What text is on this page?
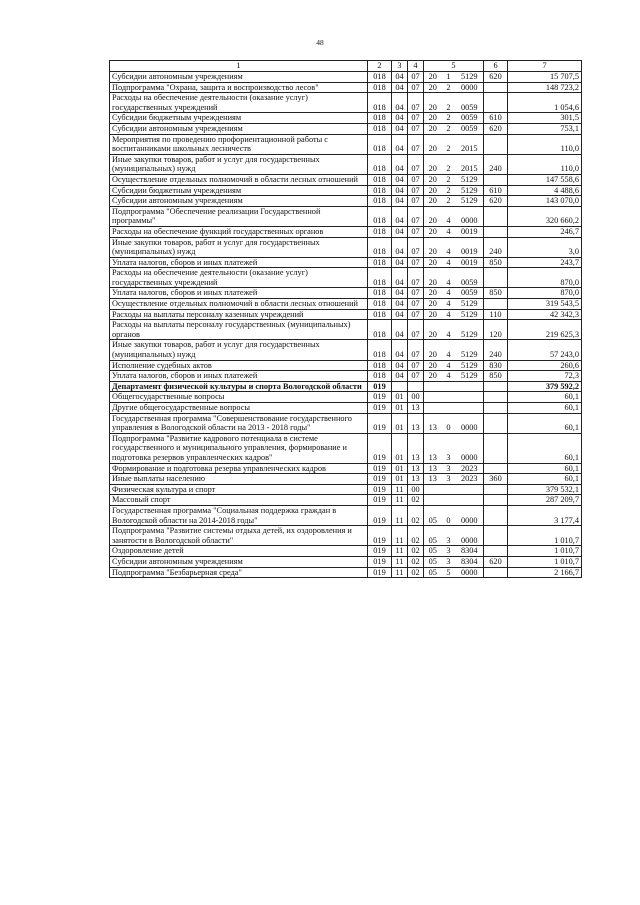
48
1	2	3	4	5			6	7
Субсидии автономным учреждениям	018	04	07	20	1	5129	620	15 707,5
Подпрограмма "Охрана, защита и воспроизводство лесов"	018	04	07	20	2	0000		148 723,2
Расходы на обеспечение деятельности (оказание услуг) государственных учреждений	018	04	07	20	2	0059		1 054,6
Субсидии бюджетным учреждениям	018	04	07	20	2	0059	610	301,5
Субсидии автономным учреждениям	018	04	07	20	2	0059	620	753,1
Мероприятия по проведению профориентационной работы с воспитанниками школьных лесничеств	018	04	07	20	2	2015		110,0
Иные закупки товаров, работ и услуг для государственных (муниципальных) нужд	018	04	07	20	2	2015	240	110,0
Осуществление отдельных полномочий в области лесных отношений	018	04	07	20	2	5129		147 558,6
Субсидии бюджетным учреждениям	018	04	07	20	2	5129	610	4 488,6
Субсидии автономным учреждениям	018	04	07	20	2	5129	620	143 070,0
Подпрограмма "Обеспечение реализации Государственной программы"	018	04	07	20	4	0000		320 660,2
Расходы на обеспечение функций государственных органов	018	04	07	20	4	0019		246,7
Иные закупки товаров, работ и услуг для государственных (муниципальных) нужд	018	04	07	20	4	0019	240	3,0
Уплата налогов, сборов и иных платежей	018	04	07	20	4	0019	850	243,7
Расходы на обеспечение деятельности (оказание услуг) государственных учреждений	018	04	07	20	4	0059		870,0
Уплата налогов, сборов и иных платежей	018	04	07	20	4	0059	850	870,0
Осуществление отдельных полномочий в области лесных отношений	018	04	07	20	4	5129		319 543,5
Расходы на выплаты персоналу казенных учреждений	018	04	07	20	4	5129	110	42 342,3
Расходы на выплаты персоналу государственных (муниципальных) органов	018	04	07	20	4	5129	120	219 625,3
Иные закупки товаров, работ и услуг для государственных (муниципальных) нужд	018	04	07	20	4	5129	240	57 243,0
Исполнение судебных актов	018	04	07	20	4	5129	830	260,6
Уплата налогов, сборов и иных платежей	018	04	07	20	4	5129	850	72,3
Департамент физической культуры и спорта Вологодской области	019							379 592,2
Общегосударственные вопросы	019	01	00					60,1
Другие общегосударственные вопросы	019	01	13					60,1
Государственная программа "Совершенствование государственного управления в Вологодской области на 2013 - 2018 годы"	019	01	13	13	0	0000		60,1
Подпрограмма "Развитие кадрового потенциала в системе государственного и муниципального управления, формирование и подготовка резервов управленческих кадров"	019	01	13	13	3	0000		60,1
Формирование и подготовка резерва управленческих кадров	019	01	13	13	3	2023		60,1
Иные выплаты населению	019	01	13	13	3	2023	360	60,1
Физическая культура и спорт	019	11	00					379 532,1
Массовый спорт	019	11	02					287 209,7
Государственная программа "Социальная поддержка граждан в Вологодской области на 2014-2018 годы"	019	11	02	05	0	0000		3 177,4
Подпрограмма "Развитие системы отдыха детей, их оздоровления и занятости в Вологодской области"	019	11	02	05	3	0000		1 010,7
Оздоровление детей	019	11	02	05	3	8304		1 010,7
Субсидии автономным учреждениям	019	11	02	05	3	8304	620	1 010,7
Подпрограмма "Безбарьерная среда"	019	11	02	05	5	0000		2 166,7
